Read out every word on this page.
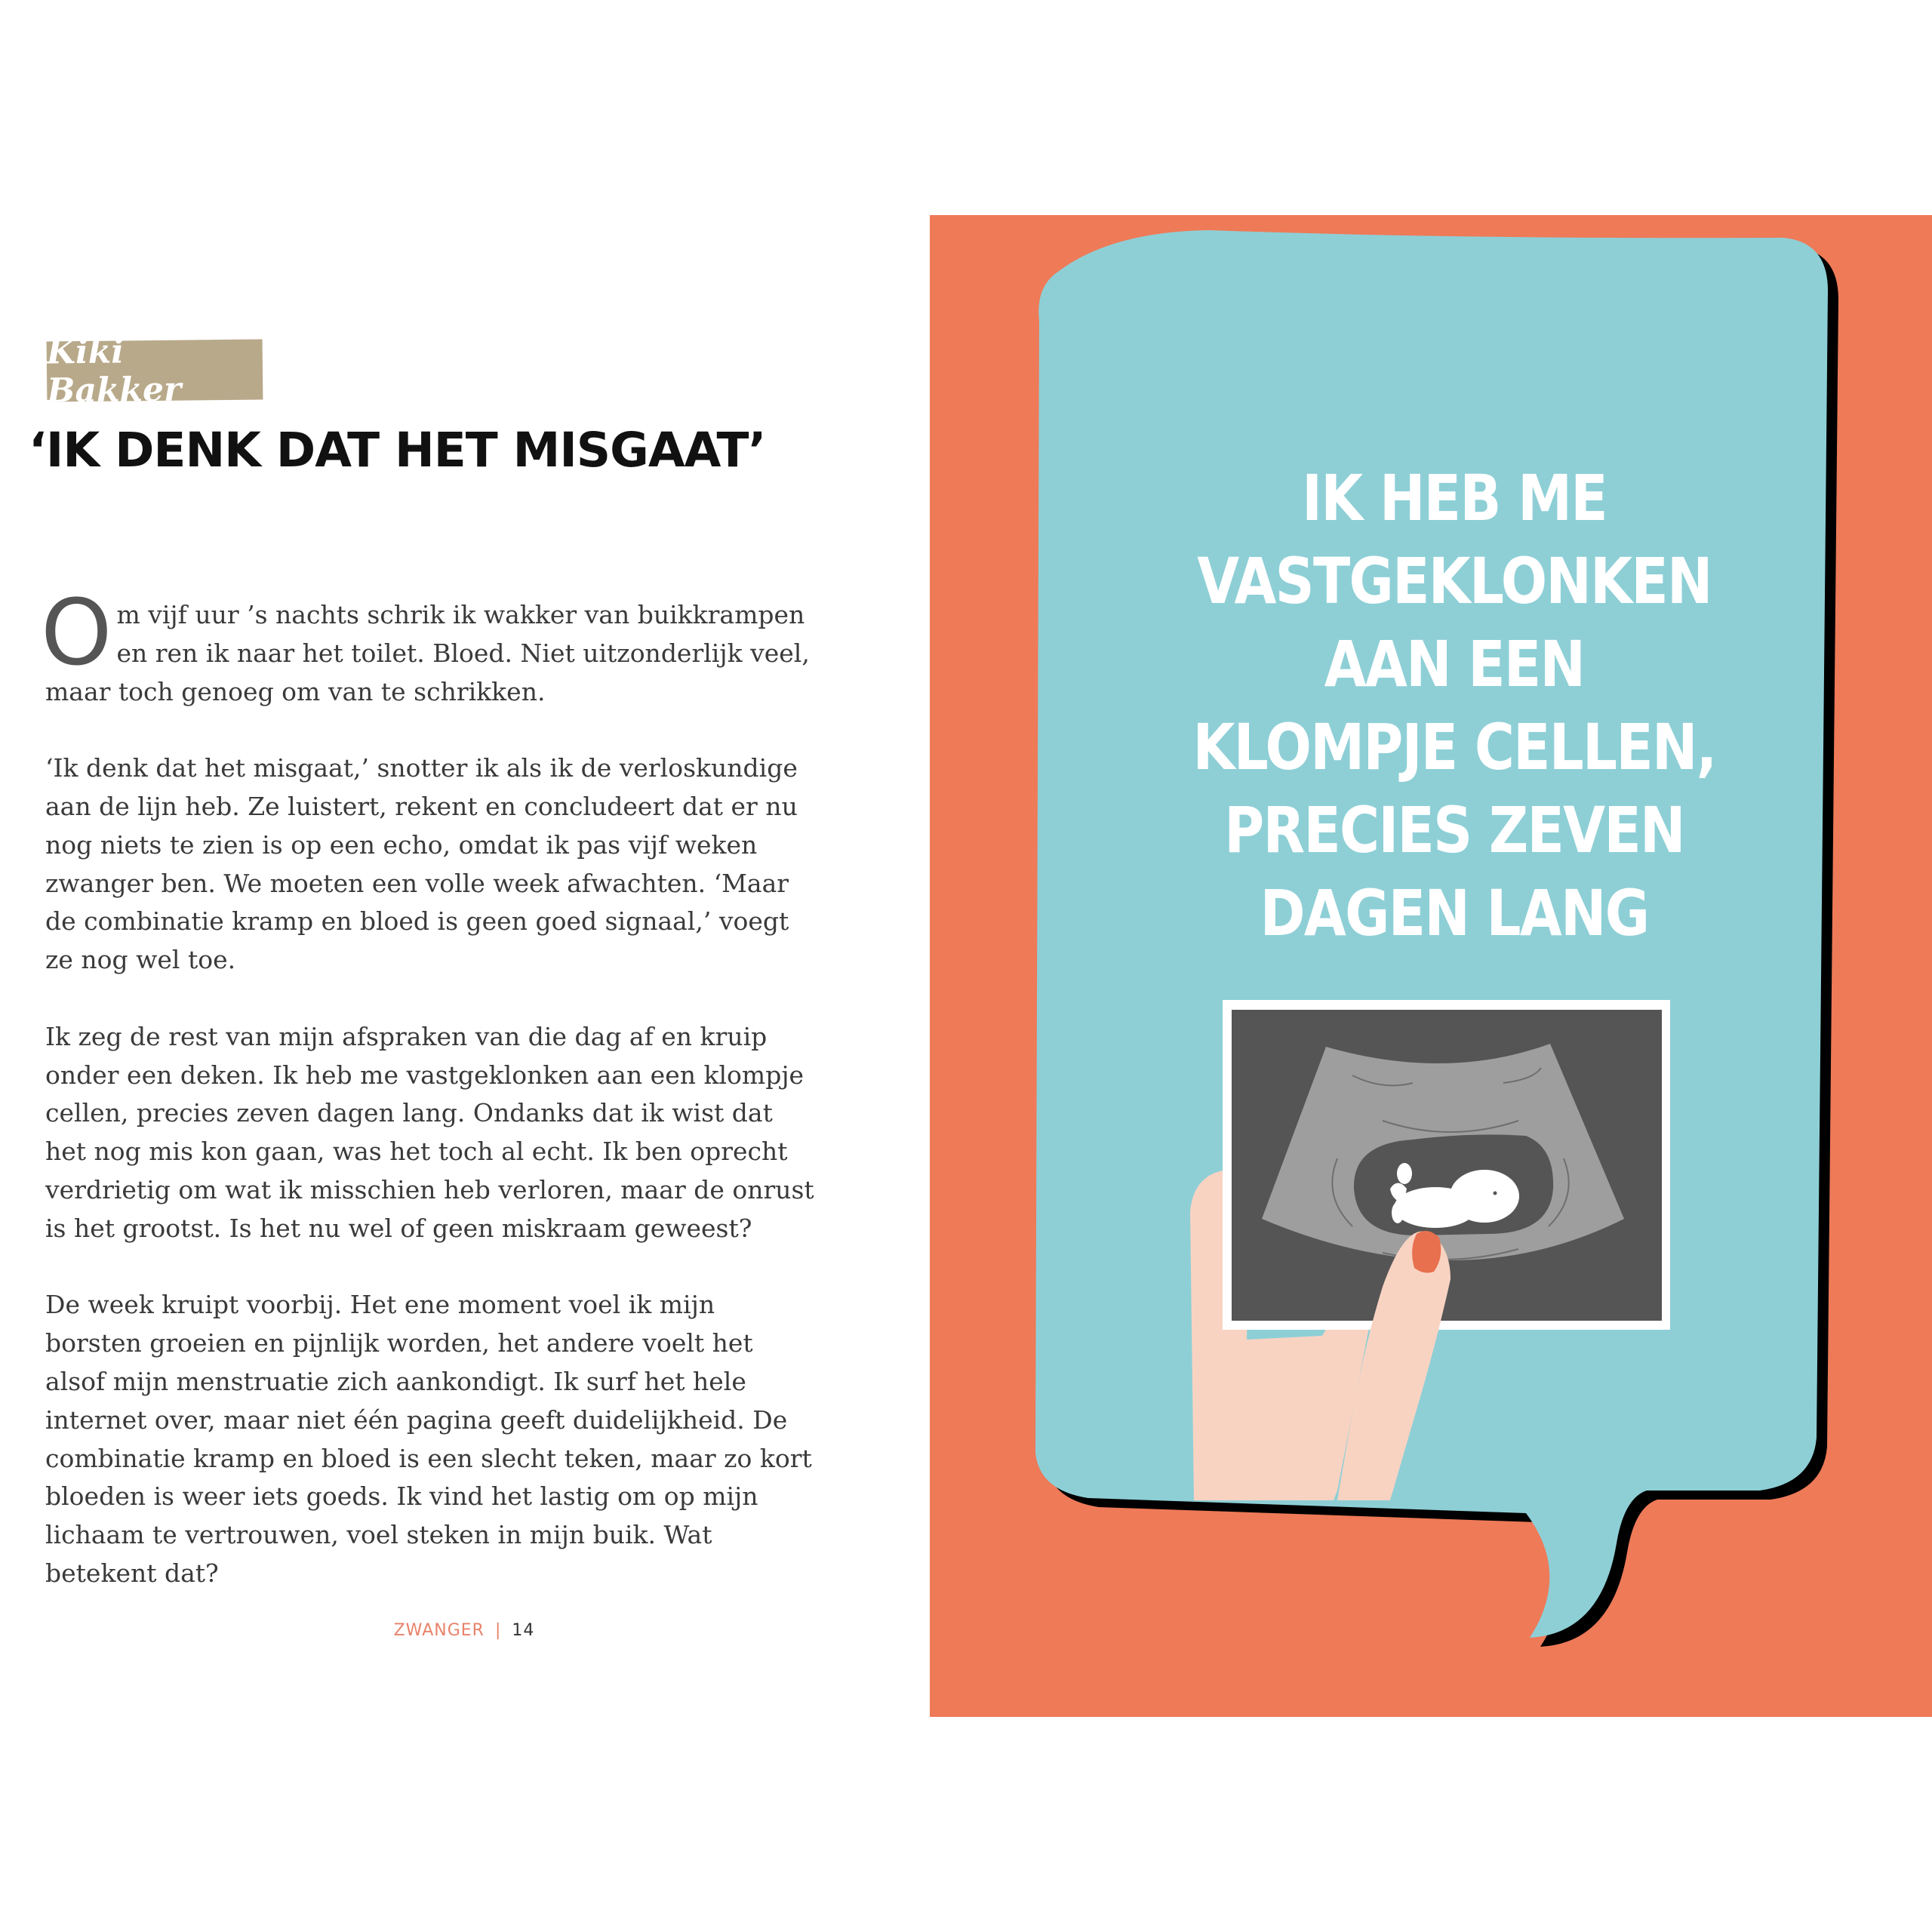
Kiki Bakker
‘IK DENK DAT HET MISGAAT’

Om vijf uur ’s nachts schrik ik wakker van buikkrampen en ren ik naar het toilet. Bloed. Niet uitzonderlijk veel, maar toch genoeg om van te schrikken.

‘Ik denk dat het misgaat,’ snotter ik als ik de verloskundige aan de lijn heb. Ze luistert, rekent en concludeert dat er nu nog niets te zien is op een echo, omdat ik pas vijf weken zwanger ben. We moeten een volle week afwachten. ‘Maar de combinatie kramp en bloed is geen goed signaal,’ voegt ze nog wel toe.

Ik zeg de rest van mijn afspraken van die dag af en kruip onder een deken. Ik heb me vastgeklonken aan een klompje cellen, precies zeven dagen lang. Ondanks dat ik wist dat het nog mis kon gaan, was het toch al echt. Ik ben oprecht verdrietig om wat ik misschien heb verloren, maar de onrust is het grootst. Is het nu wel of geen miskraam geweest?

De week kruipt voorbij. Het ene moment voel ik mijn borsten groeien en pijnlijk worden, het andere voelt het alsof mijn menstruatie zich aankondigt. Ik surf het hele internet over, maar niet één pagina geeft duidelijkheid. De combinatie kramp en bloed is een slecht teken, maar zo kort bloeden is weer iets goeds. Ik vind het lastig om op mijn lichaam te vertrouwen, voel steken in mijn buik. Wat betekent dat?

ZWANGER | 14
IK HEB ME
VASTGEKLONKEN
AAN EEN
KLOMPJE CELLEN,
PRECIES ZEVEN
DAGEN LANG
